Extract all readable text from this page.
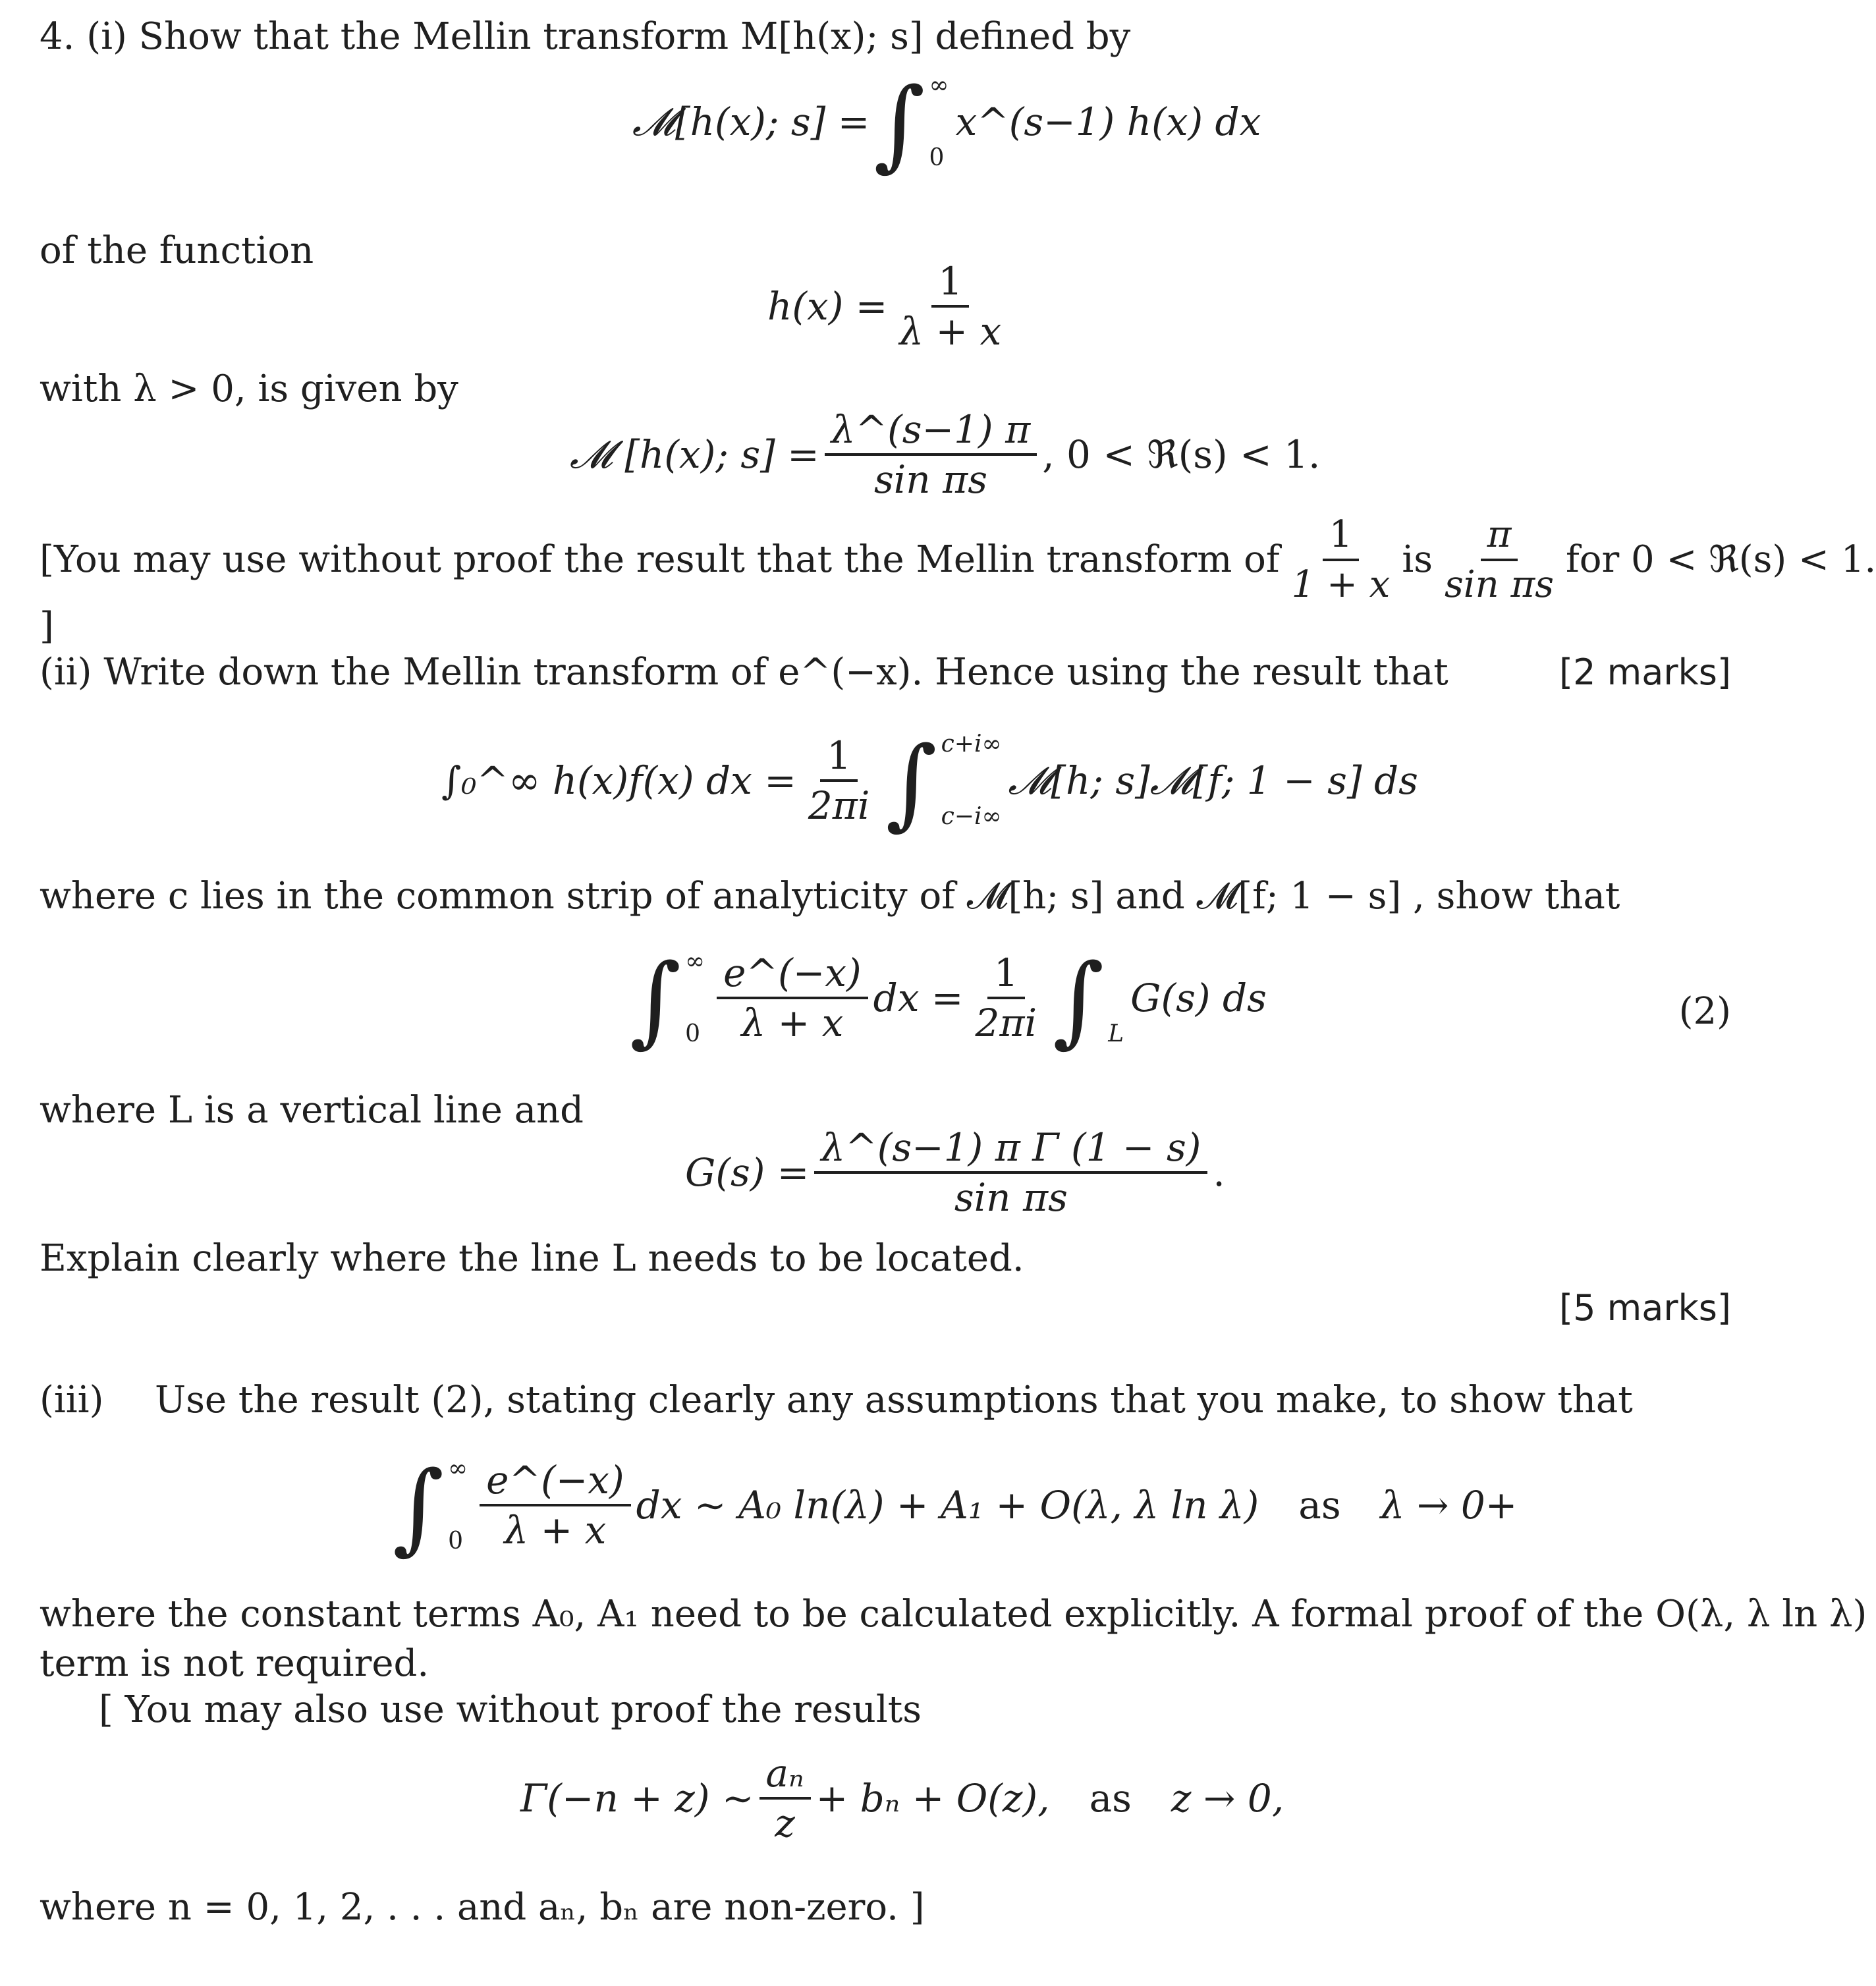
4. (i) Show that the Mellin transform M[h(x); s] defined by
𝓜[h(x); s] = ∫ ∞
0
x^(s−1) h(x) dx
of the function
$h(x) = \frac{1}{\lambda + x}$
with λ > 0, is given by
𝓜 [h(x); $s] = \frac{\lambda\^{}(s-1) \pi}{\text{sin πs}}$ , 0 < ℜ(s) < 1.
[You may use without proof the result that the Mellin transform of $\frac{1}{1 + x}$ is $\frac{\pi}{\text{sin πs}}$ for 0 < ℜ(s) < 1.
]
(ii) Write down the Mellin transform of e^(−x). Hence using the result that	[2 marks]
∫₀^∞ h(x)f(x) dx = $\frac{1}{2\pi i}$ ∫ c+i∞
c−i∞
𝓜[h; s]𝓜[f; 1 − s] ds
where c lies in the common strip of analyticity of 𝓜[h; s] and 𝓜[f; 1 − s] , show that
∫ ∞
$0 \frac{e\^{}(-x)}{\lambda + x}$ dx = $\frac{1}{2\pi i}$ ∫ L
G(s) ds	(2)
where L is a vertical line and
$G(s) = \frac{\text{λ\textasciicircum{}(s−1) π Γ (1 − s)}}{\text{sin πs}}$ .
Explain clearly where the line L needs to be located.
[5 marks]
(iii) Use the result (2), stating clearly any assumptions that you make, to show that
∫ ∞
$0 \frac{e\^{}(-x)}{\lambda + x}$ dx ∼ A₀ ln(λ) + A₁ + O(λ, λ ln λ) as λ → 0+
where the constant terms A₀, A₁ need to be calculated explicitly. A formal proof of the O(λ, λ ln λ)
term is not required.
[ You may also use without proof the results
Γ(−n + z) ∼ $\frac{\text{aₙ}}{z} + b_n + O(z)$, as z → 0,
where n = 0, 1, 2, . . . and aₙ, bₙ are non-zero. ]
